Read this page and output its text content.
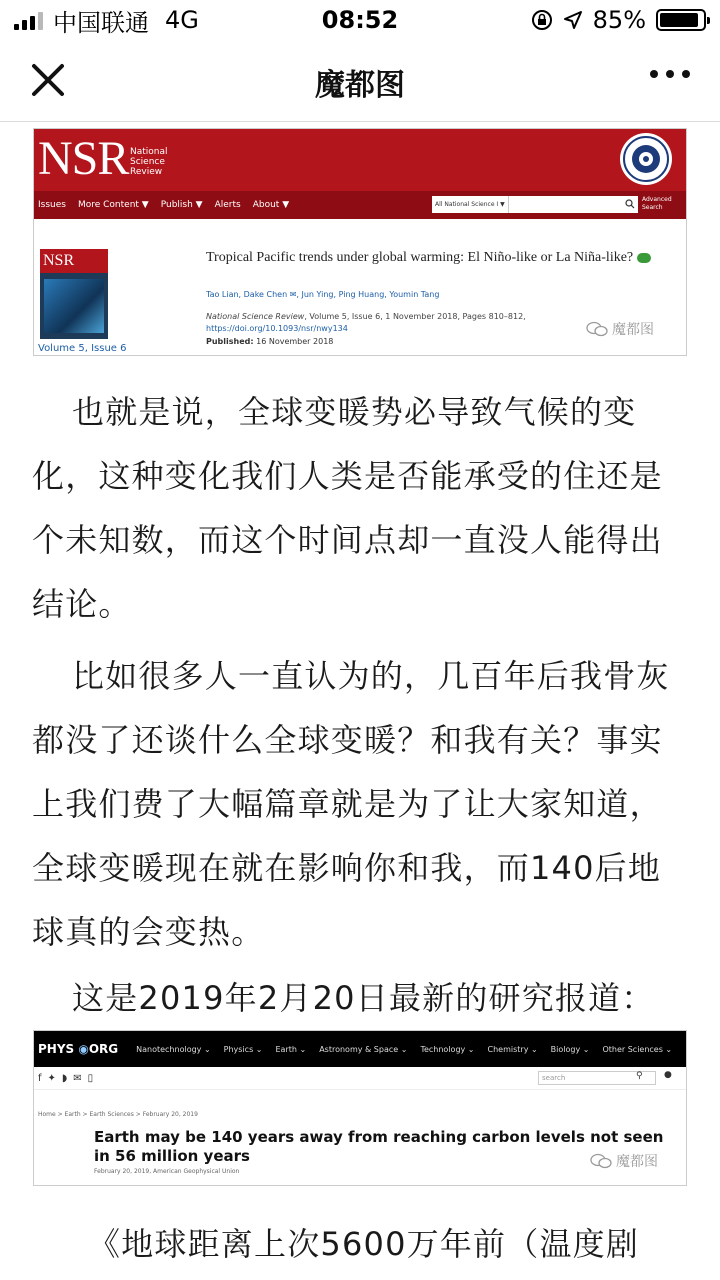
中国联通 4G	08:52	85%
魔都图
NSR National
Science
Review
Issues More Content ▼ Publish ▼ Alerts About ▼	All National Science I ▼
Advanced
Search
NSR
Volume 5, Issue 6
Tropical Pacific trends under global warming: El Niño-like or La Niña-like?
Tao Lian, Dake Chen ✉, Jun Ying, Ping Huang, Youmin Tang
National Science Review, Volume 5, Issue 6, 1 November 2018, Pages 810–812,
https://doi.org/10.1093/nsr/nwy134
Published: 16 November 2018
魔都图

也就是说，全球变暖势必导致气候的变化，这种变化我们人类是否能承受的住还是个未知数，而这个时间点却一直没人能得出结论。

比如很多人一直认为的，几百年后我骨灰都没了还谈什么全球变暖？和我有关？事实上我们费了大幅篇章就是为了让大家知道，全球变暖现在就在影响你和我，而140后地球真的会变热。

这是2019年2月20日最新的研究报道：

PHYS ◉ORG Nanotechnology ⌄ Physics ⌄ Earth ⌄ Astronomy & Space ⌄ Technology ⌄ Chemistry ⌄ Biology ⌄ Other Sciences ⌄
f ✦ ◗ ✉ ▯	search	⚲ ●
Home > Earth > Earth Sciences > February 20, 2019
Earth may be 140 years away from reaching carbon levels not seen in 56 million years
February 20, 2019, American Geophysical Union
魔都图

《地球距离上次5600万年前（温度剧
